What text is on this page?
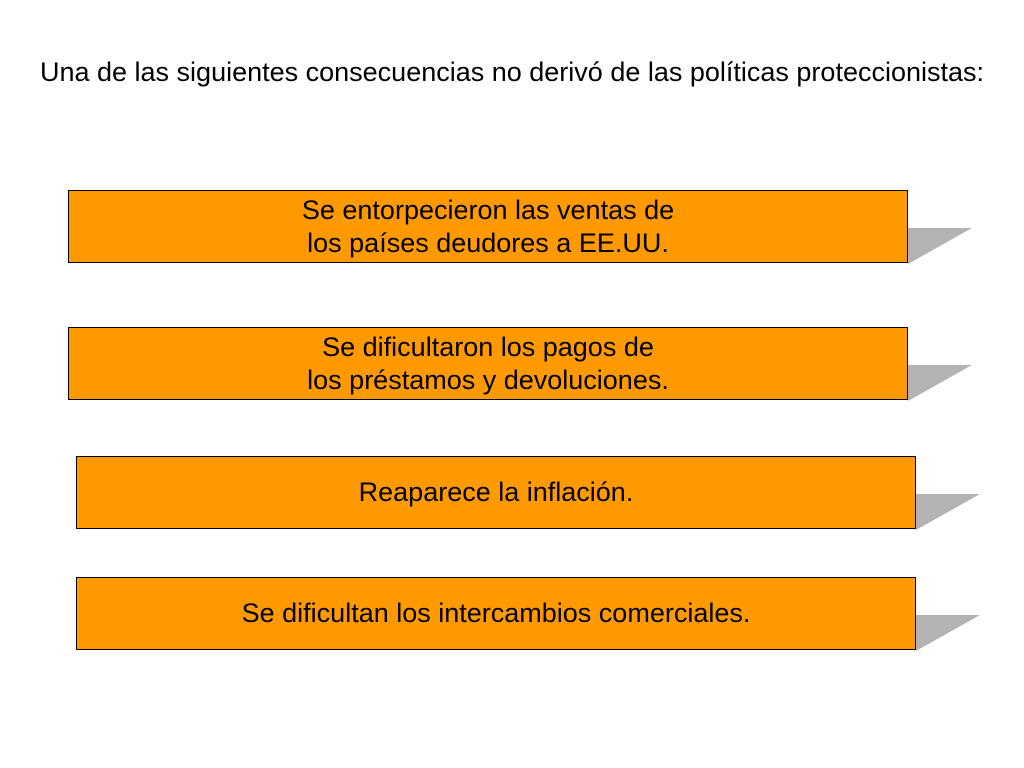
Una de las siguientes consecuencias no derivó de las políticas proteccionistas:
Se entorpecieron las ventas de
los países deudores a EE.UU.
Se dificultaron los pagos de
los préstamos y devoluciones.
Reaparece la inflación.
Se dificultan los intercambios comerciales.
